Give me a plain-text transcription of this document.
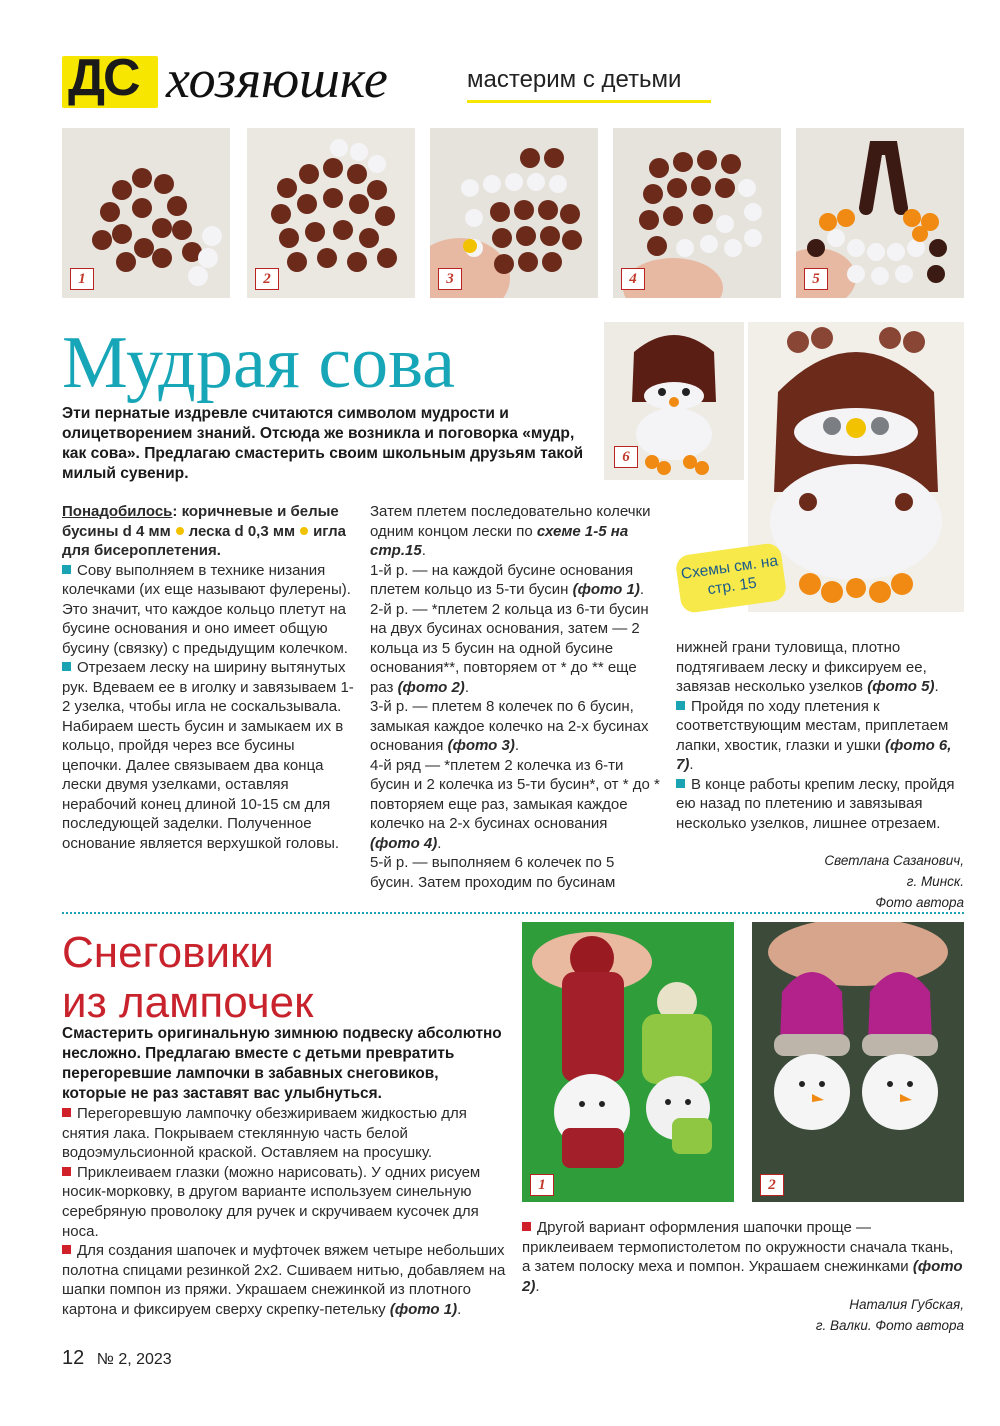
ДС хозяюшке	мастерим с детьми
1	2	3	4	5
Мудрая сова
Эти пернатые издревле считаются символом мудрости и олицетворением знаний. Отсюда же возникла и поговорка «мудр, как сова». Предлагаю смастерить своим школьным друзьям такой милый сувенир.
6
Схемы см. на стр. 15

Понадобилось: коричневые и белые бусины d 4 мм леска d 0,3 мм игла для бисероплетения.

Сову выполняем в технике низания колечками (их еще называют фулерены). Это значит, что каждое кольцо плетут на бусине основания и оно имеет общую бусину (связку) с предыдущим колечком.

Отрезаем леску на ширину вытянутых рук. Вдеваем ее в иголку и завязываем 1-2 узелка, чтобы игла не соскальзывала. Набираем шесть бусин и замыкаем их в кольцо, пройдя через все бусины цепочки. Далее связываем два конца лески двумя узелками, оставляя нерабочий конец длиной 10-15 см для последующей заделки. Полученное основание является верхушкой головы.

Затем плетем последовательно колечки одним концом лески по схеме 1-5 на стр.15.

1-й р. — на каждой бусине основания плетем кольцо из 5-ти бусин (фото 1).

2-й р. — *плетем 2 кольца из 6-ти бусин на двух бусинах основания, затем — 2 кольца из 5 бусин на одной бусине основания**, повторяем от * до ** еще раз (фото 2).

3-й р. — плетем 8 колечек по 6 бусин, замыкая каждое колечко на 2-х бусинах основания (фото 3).

4-й ряд — *плетем 2 колечка из 6-ти бусин и 2 колечка из 5-ти бусин*, от * до * повторяем еще раз, замыкая каждое колечко на 2-х бусинах основания (фото 4).

5-й р. — выполняем 6 колечек по 5 бусин. Затем проходим по бусинам

нижней грани туловища, плотно подтягиваем леску и фиксируем ее, завязав несколько узелков (фото 5).

Пройдя по ходу плетения к соответствующим местам, приплетаем лапки, хвостик, глазки и ушки (фото 6, 7).

В конце работы крепим леску, пройдя ею назад по плетению и завязывая несколько узелков, лишнее отрезаем.

Светлана Сазанович,
г. Минск.
Фото автора
Снеговики
из лампочек
Смастерить оригинальную зимнюю подвеску абсолютно несложно. Предлагаю вместе с детьми превратить перегоревшие лампочки в забавных снеговиков, которые не раз заставят вас улыбнуться.

Перегоревшую лампочку обезжириваем жидкостью для снятия лака. Покрываем стеклянную часть белой водоэмульсионной краской. Оставляем на просушку.

Приклеиваем глазки (можно нарисовать). У одних рисуем носик-морковку, в другом варианте используем синельную серебряную проволоку для ручек и скручиваем кусочек для носа.

Для создания шапочек и муфточек вяжем четыре небольших полотна спицами резинкой 2х2. Сшиваем нитью, добавляем на шапки помпон из пряжи. Украшаем снежинкой из плотного картона и фиксируем сверху скрепку-петельку (фото 1).

1	2

Другой вариант оформления шапочки проще — приклеиваем термопистолетом по окружности сначала ткань, а затем полоску меха и помпон. Украшаем снежинками (фото 2).

Наталия Губская,
г. Валки. Фото автора
12 № 2, 2023
